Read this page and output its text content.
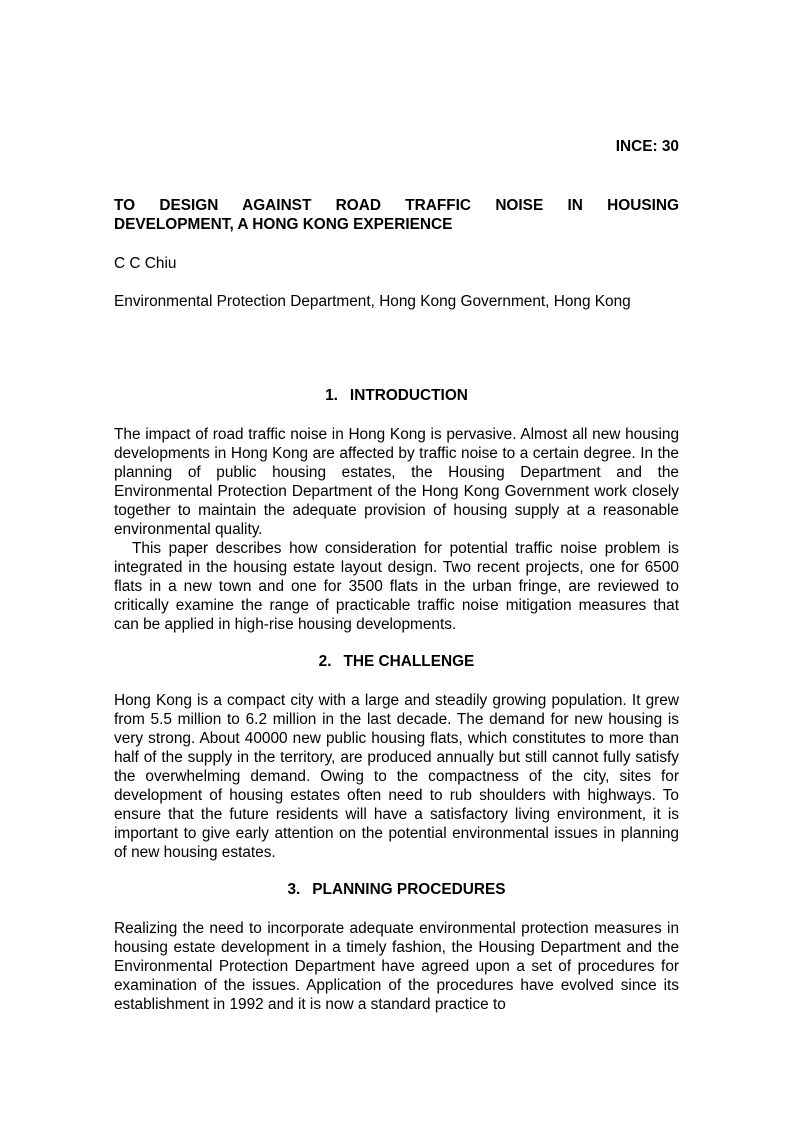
INCE: 30
TO DESIGN AGAINST ROAD TRAFFIC NOISE IN HOUSING
DEVELOPMENT, A HONG KONG EXPERIENCE
C C Chiu
Environmental Protection Department, Hong Kong Government, Hong Kong
1. INTRODUCTION

The impact of road traffic noise in Hong Kong is pervasive. Almost all new housing developments in Hong Kong are affected by traffic noise to a certain degree. In the planning of public housing estates, the Housing Department and the Environmental Protection Department of the Hong Kong Government work closely together to maintain the adequate provision of housing supply at a reasonable environmental quality.

This paper describes how consideration for potential traffic noise problem is integrated in the housing estate layout design. Two recent projects, one for 6500 flats in a new town and one for 3500 flats in the urban fringe, are reviewed to critically examine the range of practicable traffic noise mitigation measures that can be applied in high-rise housing developments.

2. THE CHALLENGE

Hong Kong is a compact city with a large and steadily growing population. It grew from 5.5 million to 6.2 million in the last decade. The demand for new housing is very strong. About 40000 new public housing flats, which constitutes to more than half of the supply in the territory, are produced annually but still cannot fully satisfy the overwhelming demand. Owing to the compactness of the city, sites for development of housing estates often need to rub shoulders with highways. To ensure that the future residents will have a satisfactory living environment, it is important to give early attention on the potential environmental issues in planning of new housing estates.

3. PLANNING PROCEDURES

Realizing the need to incorporate adequate environmental protection measures in housing estate development in a timely fashion, the Housing Department and the Environmental Protection Department have agreed upon a set of procedures for examination of the issues. Application of the procedures have evolved since its establishment in 1992 and it is now a standard practice to
